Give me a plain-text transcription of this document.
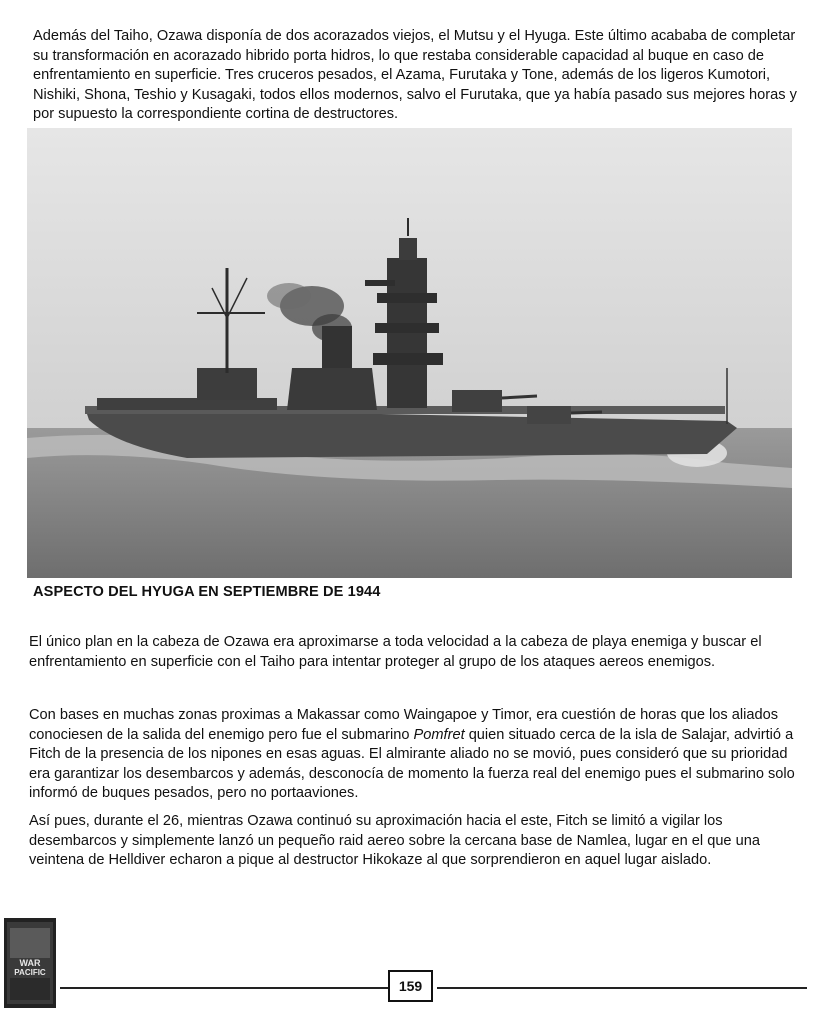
Además del Taiho, Ozawa disponía de dos acorazados viejos, el Mutsu y el Hyuga. Este último acababa de completar su transformación en acorazado hibrido porta hidros, lo que restaba considerable capacidad al buque en caso de enfrentamiento en superficie. Tres cruceros pesados, el Azama, Furutaka y Tone, además de los ligeros Kumotori, Nishiki, Shona, Teshio y Kusagaki, todos ellos modernos, salvo el Furutaka, que ya había pasado sus mejores horas y por supuesto la correspondiente cortina de destructores.

ASPECTO DEL HYUGA EN SEPTIEMBRE DE 1944

El único plan en la cabeza de Ozawa era aproximarse a toda velocidad a la cabeza de playa enemiga y buscar el enfrentamiento en superficie con el Taiho para intentar proteger al grupo de los ataques aereos enemigos.

Con bases en muchas zonas proximas a Makassar como Waingapoe y Timor, era cuestión de horas que los aliados conociesen de la salida del enemigo pero fue el submarino Pomfret quien situado cerca de la isla de Salajar, advirtió a Fitch de la presencia de los nipones en esas aguas. El almirante aliado no se movió, pues consideró que su prioridad era garantizar los desembarcos y además, desconocía de momento la fuerza real del enemigo pues el submarino solo informó de buques pesados, pero no portaaviones.

Así pues, durante el 26, mientras Ozawa continuó su aproximación hacia el este, Fitch se limitó a vigilar los desembarcos y simplemente lanzó un pequeño raid aereo sobre la cercana base de Namlea, lugar en el que una veintena de Helldiver echaron a pique al destructor Hikokaze al que sorprendieron en aquel lugar aislado.

WAR
PACIFIC
159
